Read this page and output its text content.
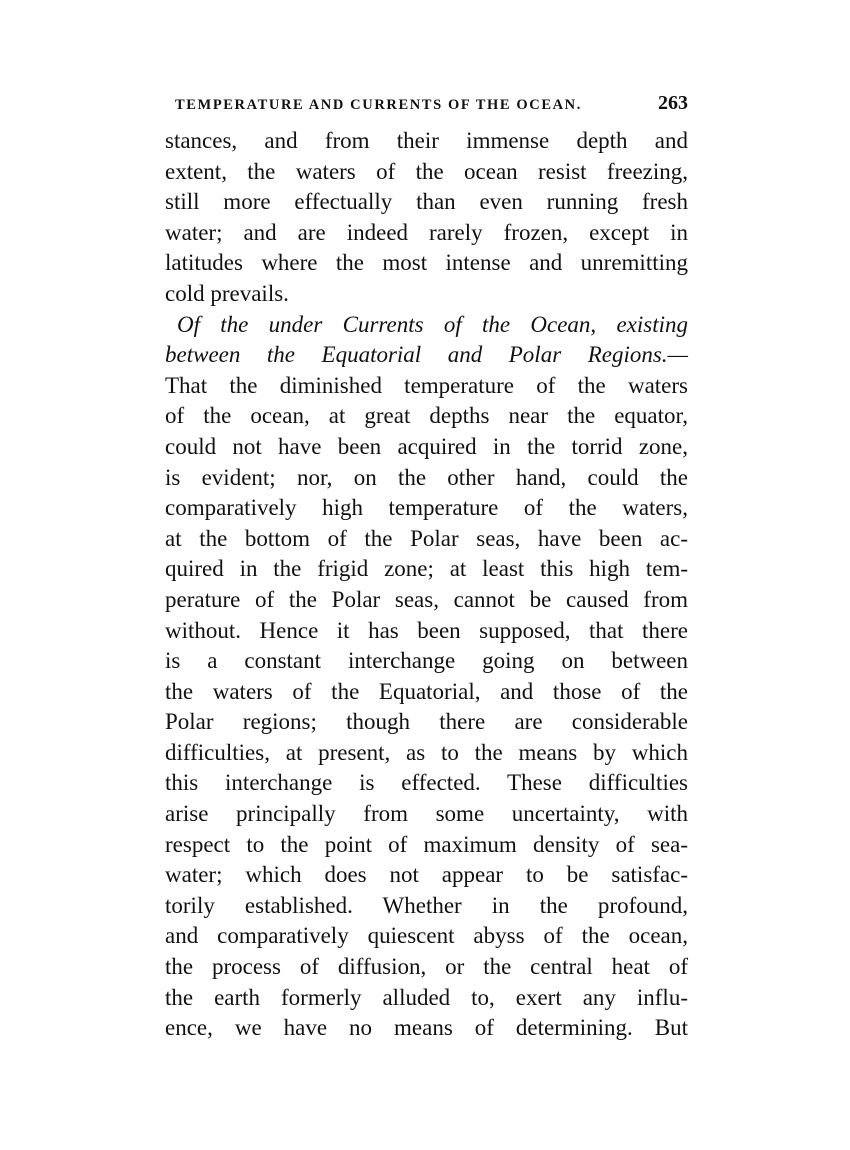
TEMPERATURE AND CURRENTS OF THE OCEAN.	263
stances, and from their immense depth and
extent, the waters of the ocean resist freezing,
still more effectually than even running fresh
water; and are indeed rarely frozen, except in
latitudes where the most intense and unremitting
cold prevails.
Of the under Currents of the Ocean, existing
between the Equatorial and Polar Regions.—
That the diminished temperature of the waters
of the ocean, at great depths near the equator,
could not have been acquired in the torrid zone,
is evident; nor, on the other hand, could the
comparatively high temperature of the waters,
at the bottom of the Polar seas, have been ac-
quired in the frigid zone; at least this high tem-
perature of the Polar seas, cannot be caused from
without. Hence it has been supposed, that there
is a constant interchange going on between
the waters of the Equatorial, and those of the
Polar regions; though there are considerable
difficulties, at present, as to the means by which
this interchange is effected. These difficulties
arise principally from some uncertainty, with
respect to the point of maximum density of sea-
water; which does not appear to be satisfac-
torily established. Whether in the profound,
and comparatively quiescent abyss of the ocean,
the process of diffusion, or the central heat of
the earth formerly alluded to, exert any influ-
ence, we have no means of determining. But
